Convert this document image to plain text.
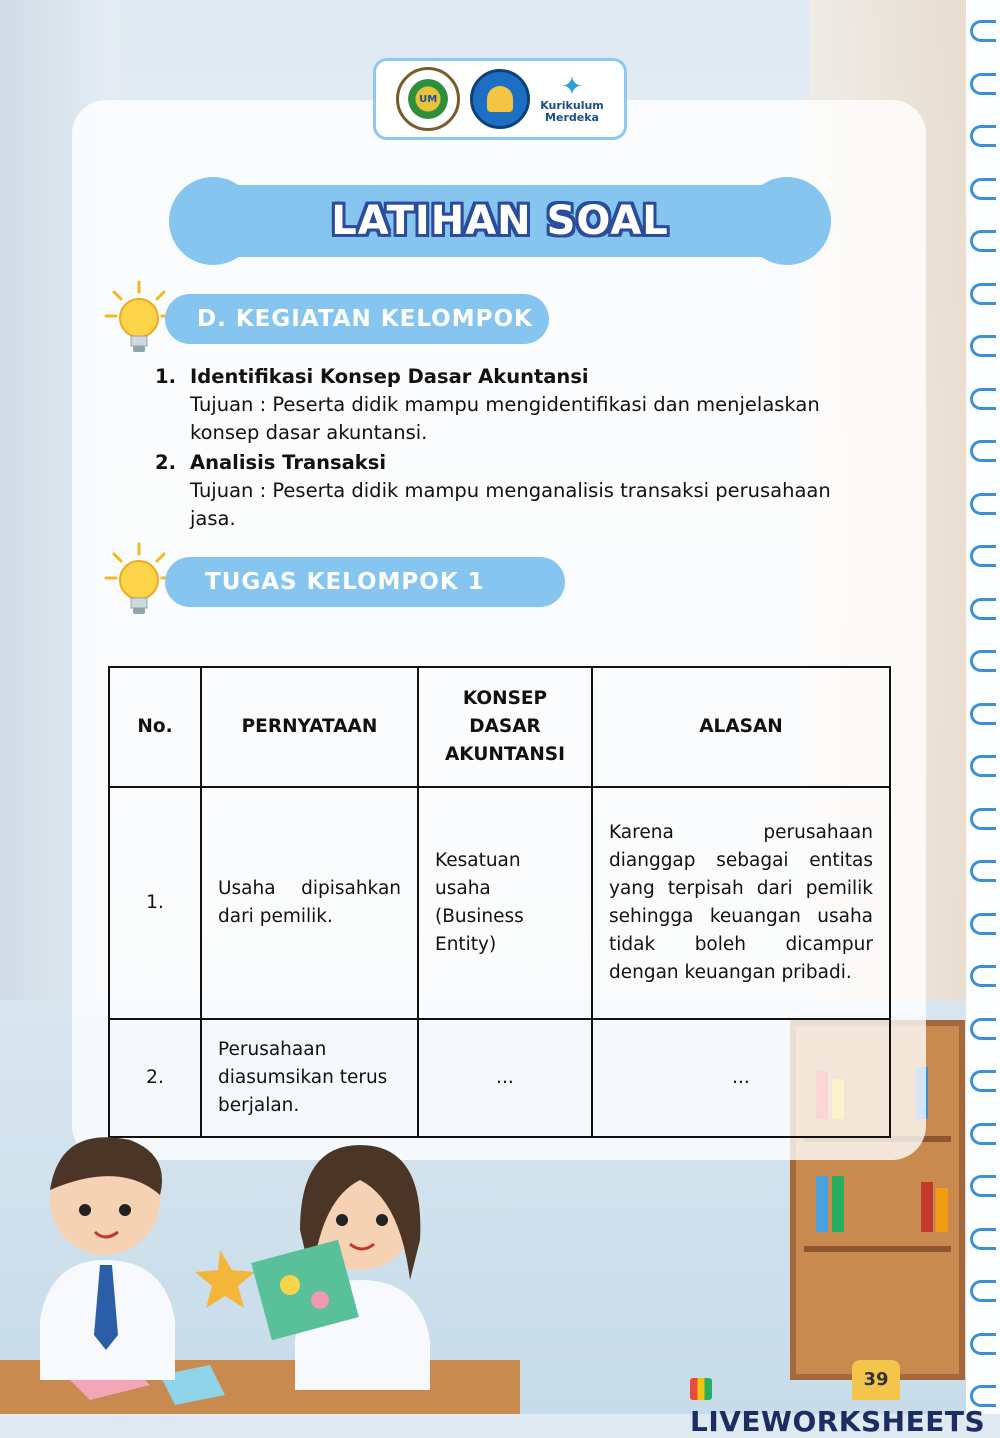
UM	✦
Kurikulum
Merdeka
LATIHAN SOAL
D. KEGIATAN KELOMPOK
1. Identifikasi Konsep Dasar Akuntansi
Tujuan : Peserta didik mampu mengidentifikasi dan menjelaskan konsep dasar akuntansi.
2. Analisis Transaksi
Tujuan : Peserta didik mampu menganalisis transaksi perusahaan jasa.
TUGAS KELOMPOK 1
No.	PERNYATAAN	KONSEP DASAR AKUNTANSI	ALASAN
1.	Usaha dipisahkan dari pemilik.	Kesatuan usaha (Business Entity)	Karena perusahaan dianggap sebagai entitas yang terpisah dari pemilik sehingga keuangan usaha tidak boleh dicampur dengan keuangan pribadi.
2.	Perusahaan diasumsikan terus berjalan.	...	...
39
LIVEWORKSHEETS
